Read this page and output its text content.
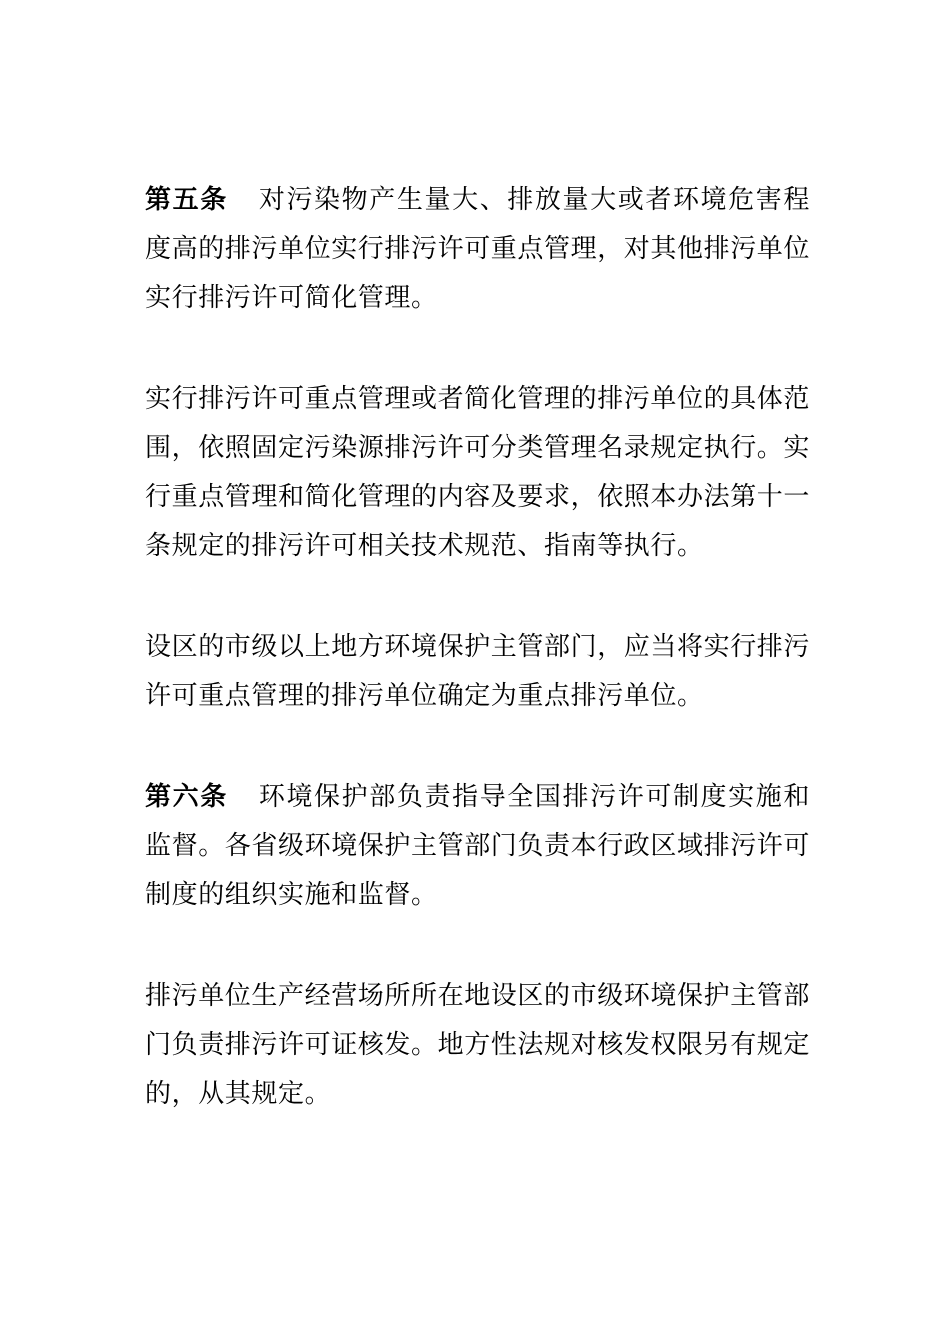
第五条 对污染物产生量大、排放量大或者环境危害程度高的排污单位实行排污许可重点管理，对其他排污单位实行排污许可简化管理。

实行排污许可重点管理或者简化管理的排污单位的具体范围，依照固定污染源排污许可分类管理名录规定执行。实行重点管理和简化管理的内容及要求，依照本办法第十一条规定的排污许可相关技术规范、指南等执行。

设区的市级以上地方环境保护主管部门，应当将实行排污许可重点管理的排污单位确定为重点排污单位。

第六条 环境保护部负责指导全国排污许可制度实施和监督。各省级环境保护主管部门负责本行政区域排污许可制度的组织实施和监督。

排污单位生产经营场所所在地设区的市级环境保护主管部门负责排污许可证核发。地方性法规对核发权限另有规定的，从其规定。
